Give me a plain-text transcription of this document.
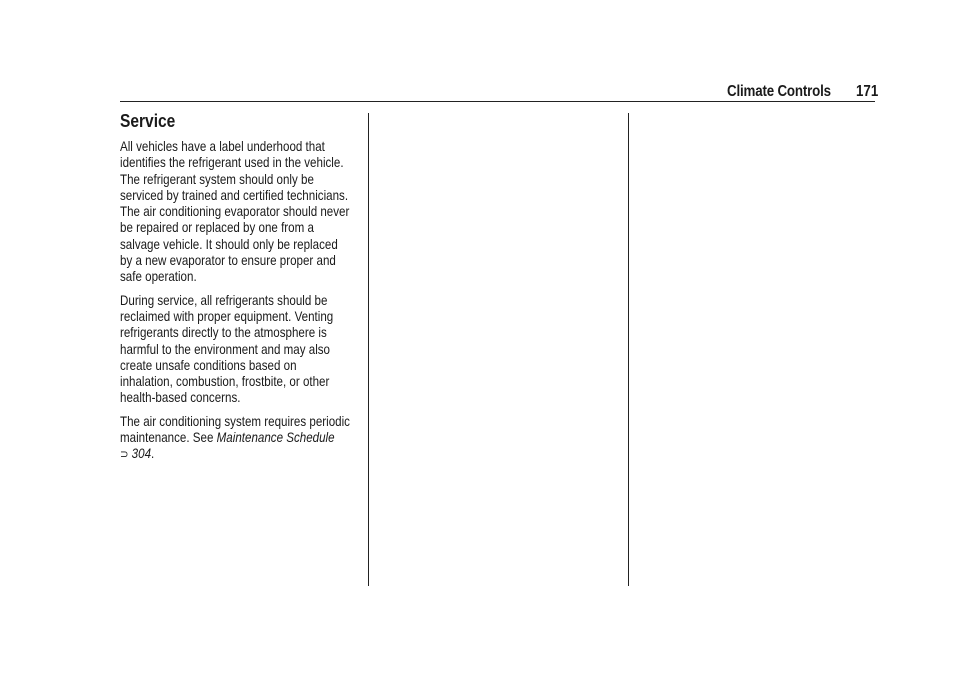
Climate Controls 171
Service

All vehicles have a label underhood that
identifies the refrigerant used in the vehicle.
The refrigerant system should only be
serviced by trained and certified technicians.
The air conditioning evaporator should never
be repaired or replaced by one from a
salvage vehicle. It should only be replaced
by a new evaporator to ensure proper and
safe operation.

During service, all refrigerants should be
reclaimed with proper equipment. Venting
refrigerants directly to the atmosphere is
harmful to the environment and may also
create unsafe conditions based on
inhalation, combustion, frostbite, or other
health-based concerns.

The air conditioning system requires periodic
maintenance. See Maintenance Schedule
⊃ 304.
